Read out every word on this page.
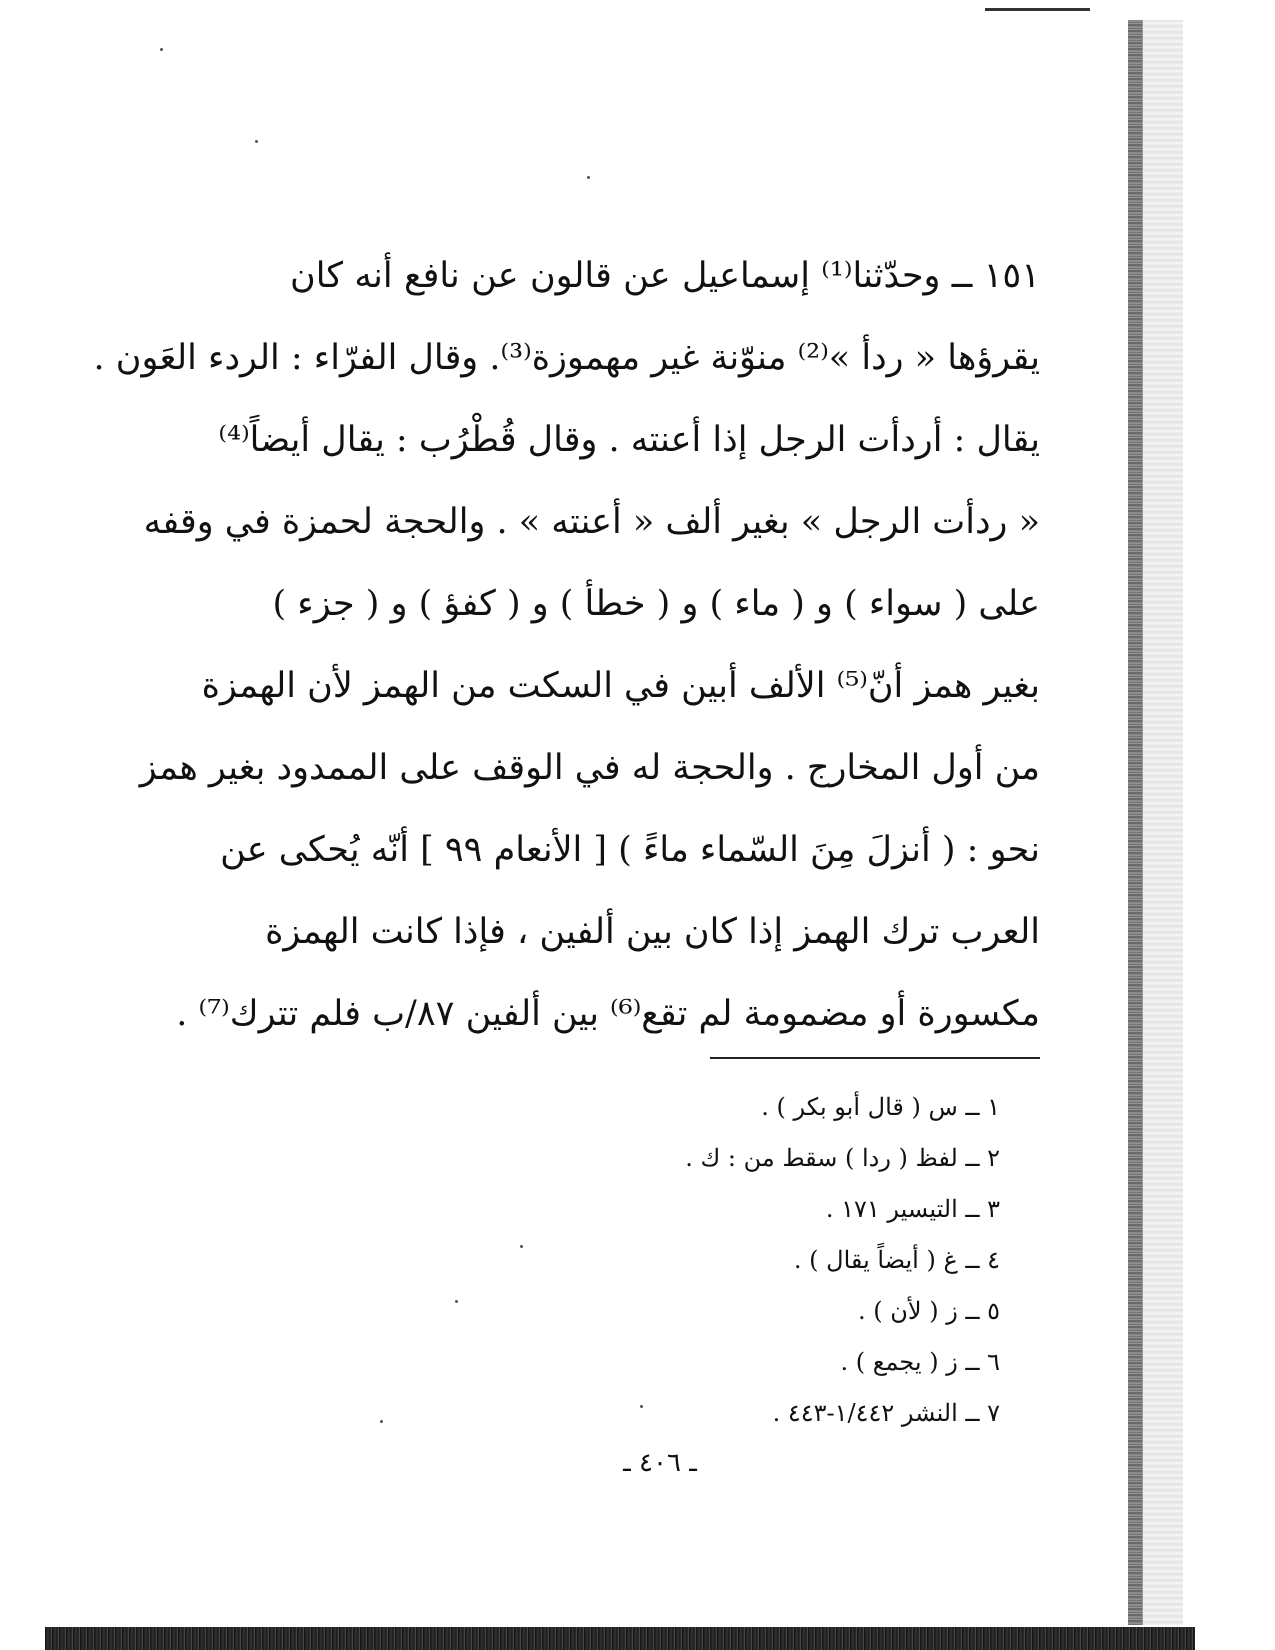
١٥١ ــ وحدّثنا⁽¹⁾ إسماعيل عن قالون عن نافع أنه كان
يقرؤها « ردأ »⁽²⁾ منوّنة غير مهموزة⁽³⁾. وقال الفرّاء : الردء العَون .
يقال : أردأت الرجل إذا أعنته . وقال قُطْرُب : يقال أيضاً⁽⁴⁾
« ردأت الرجل » بغير ألف « أعنته » . والحجة لحمزة في وقفه
على ( سواء ) و ( ماء ) و ( خطأ ) و ( كفؤ ) و ( جزء )
بغير همز أنّ⁽⁵⁾ الألف أبين في السكت من الهمز لأن الهمزة
من أول المخارج . والحجة له في الوقف على الممدود بغير همز
نحو : ( أنزلَ مِنَ السّماء ماءً ) [ الأنعام ٩٩ ] أنّه يُحكى عن
العرب ترك الهمز إذا كان بين ألفين ، فإذا كانت الهمزة
مكسورة أو مضمومة لم تقع⁽⁶⁾ بين ألفين ٨٧/ب فلم تترك⁽⁷⁾ .
١ ــ س ( قال أبو بكر ) .
٢ ــ لفظ ( ردا ) سقط من : ك .
٣ ــ التيسير ١٧١ .
٤ ــ غ ( أيضاً يقال ) .
٥ ــ ز ( لأن ) .
٦ ــ ز ( يجمع ) .
٧ ــ النشر ١/٤٤٢-٤٤٣ .
ـ ٤٠٦ ـ
